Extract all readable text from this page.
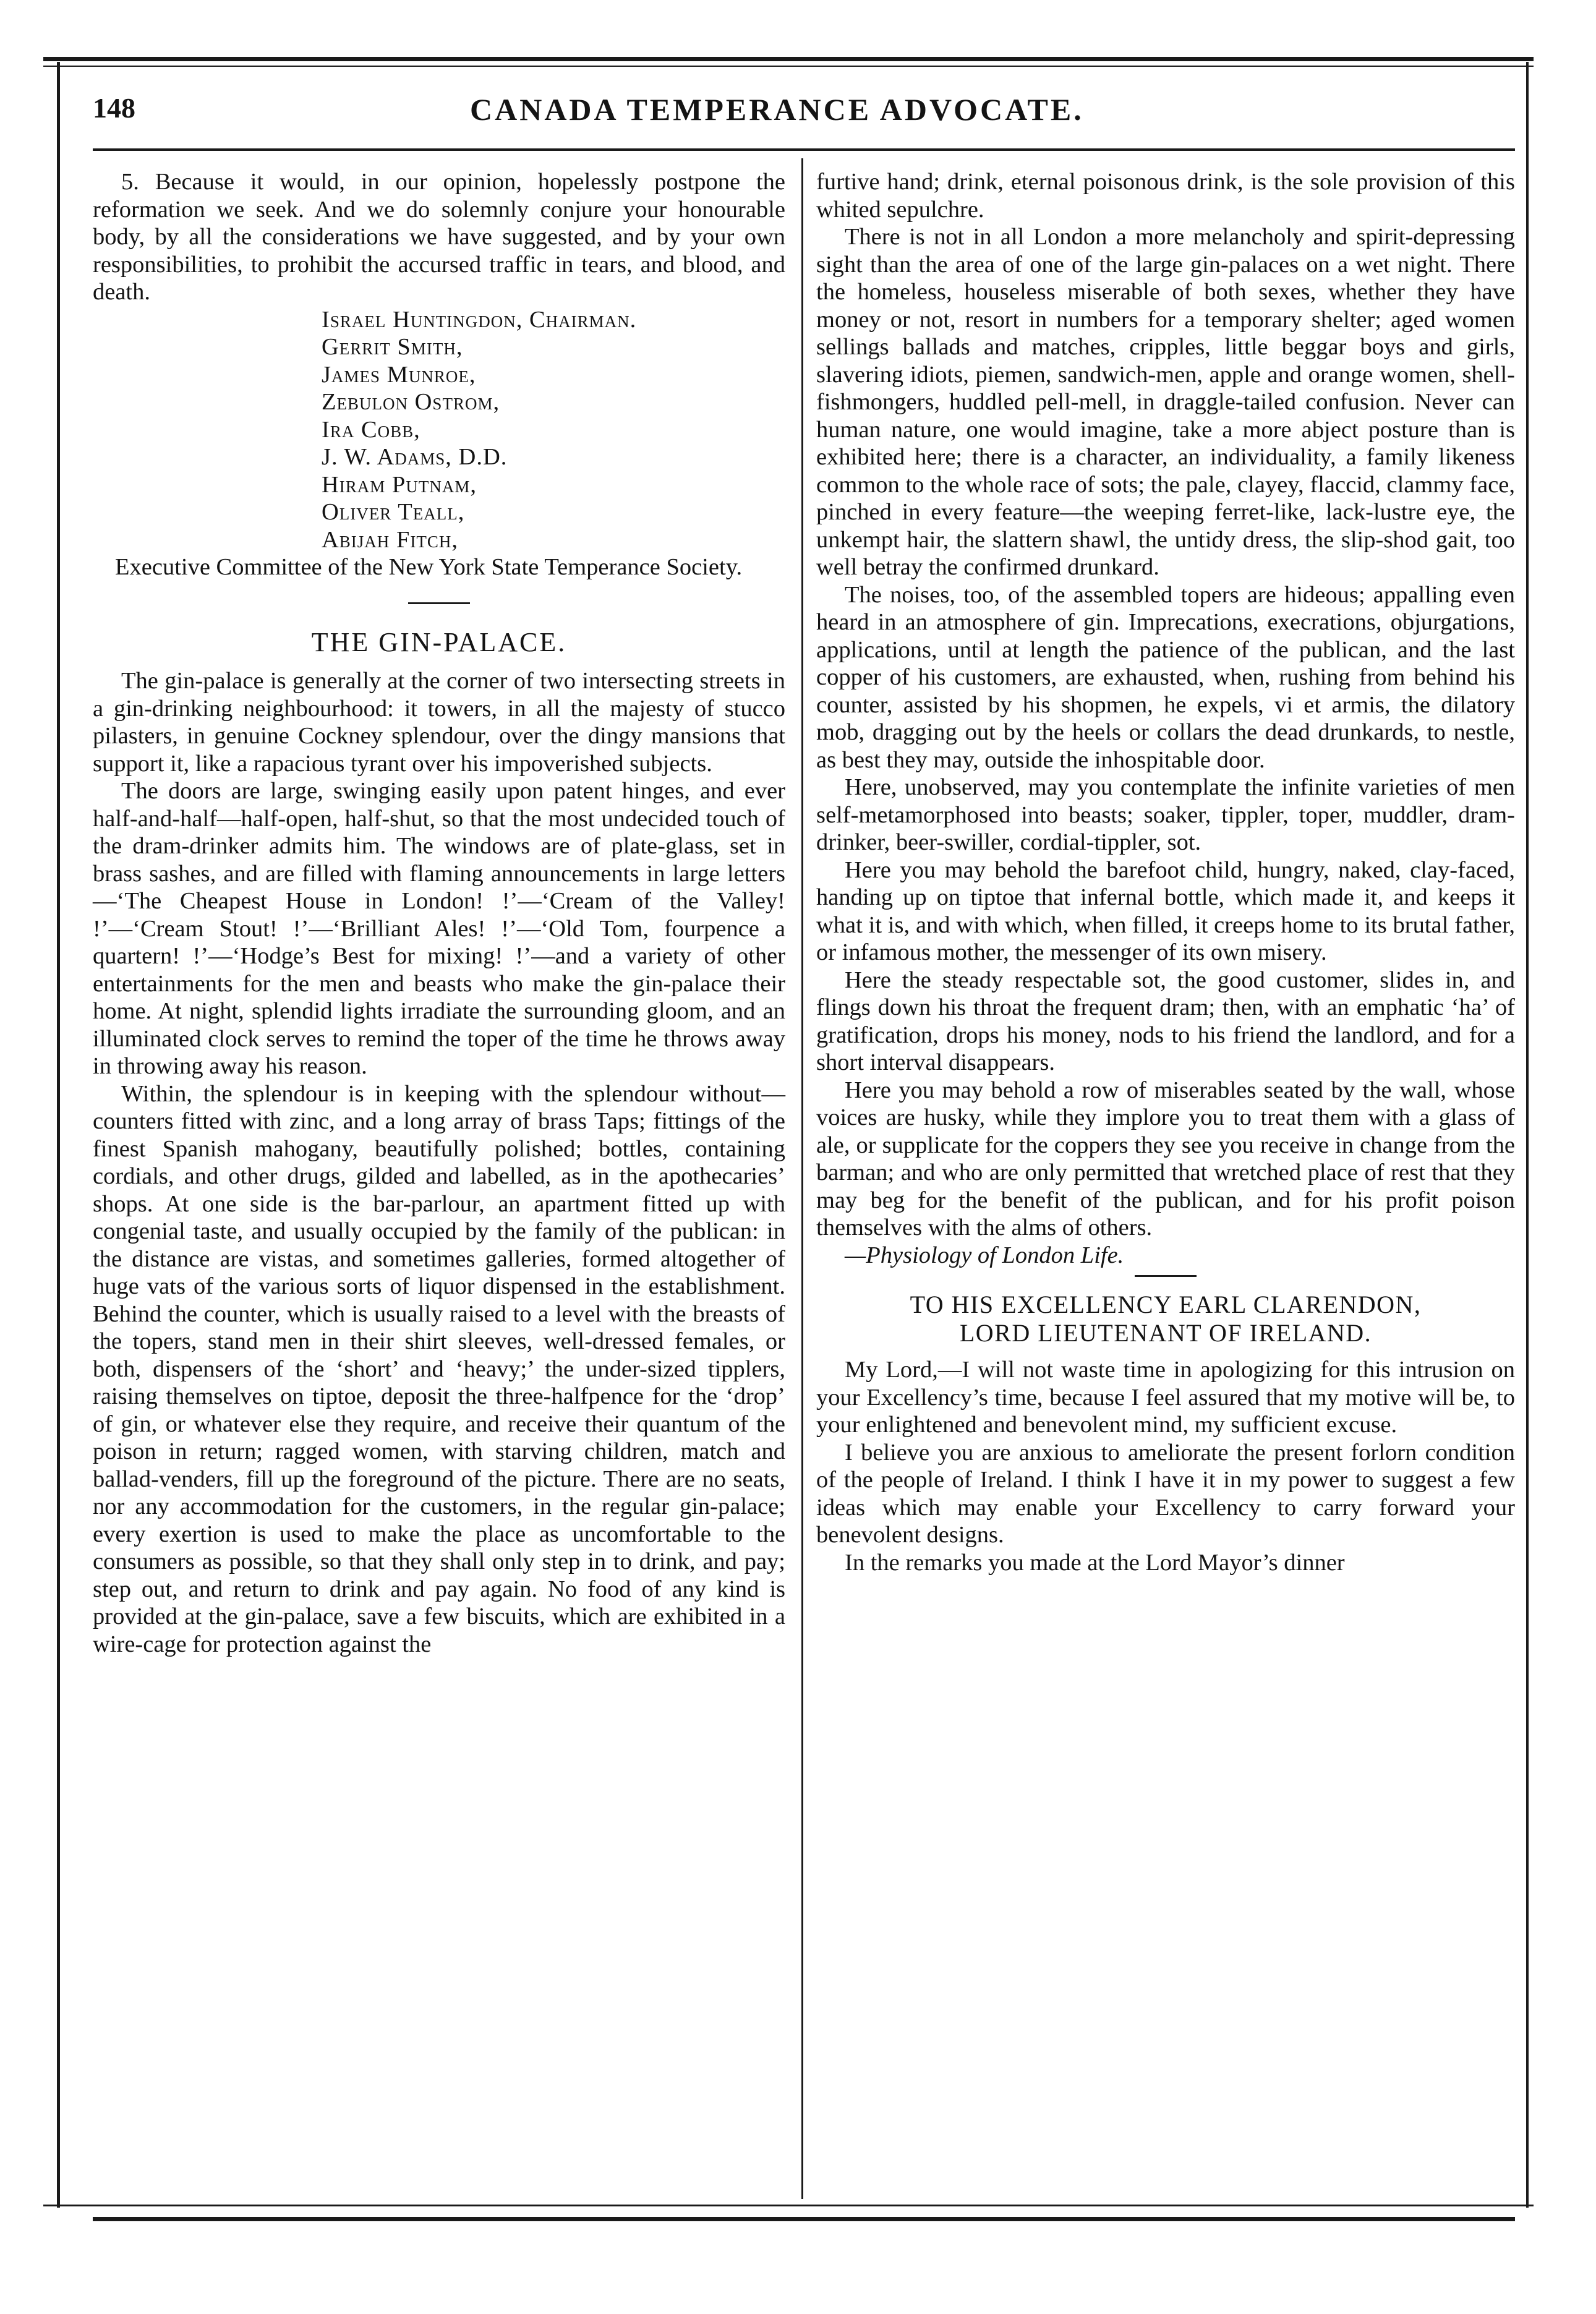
148	CANADA TEMPERANCE ADVOCATE.

5. Because it would, in our opinion, hopelessly postpone the reformation we seek. And we do solemnly conjure your honourable body, by all the considerations we have suggested, and by your own responsibilities, to prohibit the accursed traffic in tears, and blood, and death.

Israel Huntingdon, Chairman.
Gerrit Smith,
James Munroe,
Zebulon Ostrom,
Ira Cobb,
J. W. Adams, D.D.
Hiram Putnam,
Oliver Teall,
Abijah Fitch,

Executive Committee of the New York State Temperance Society.

THE GIN-PALACE.

The gin-palace is generally at the corner of two intersecting streets in a gin-drinking neighbourhood: it towers, in all the majesty of stucco pilasters, in genuine Cockney splendour, over the dingy mansions that support it, like a rapacious tyrant over his impoverished subjects.

The doors are large, swinging easily upon patent hinges, and ever half-and-half—half-open, half-shut, so that the most undecided touch of the dram-drinker admits him. The windows are of plate-glass, set in brass sashes, and are filled with flaming announcements in large letters—‘The Cheapest House in London! !’—‘Cream of the Valley! !’—‘Cream Stout! !’—‘Brilliant Ales! !’—‘Old Tom, fourpence a quartern! !’—‘Hodge’s Best for mixing! !’—and a variety of other entertainments for the men and beasts who make the gin-palace their home. At night, splendid lights irradiate the surrounding gloom, and an illuminated clock serves to remind the toper of the time he throws away in throwing away his reason.

Within, the splendour is in keeping with the splendour without—counters fitted with zinc, and a long array of brass Taps; fittings of the finest Spanish mahogany, beautifully polished; bottles, containing cordials, and other drugs, gilded and labelled, as in the apothecaries’ shops. At one side is the bar-parlour, an apartment fitted up with congenial taste, and usually occupied by the family of the publican: in the distance are vistas, and sometimes galleries, formed altogether of huge vats of the various sorts of liquor dispensed in the establishment. Behind the counter, which is usually raised to a level with the breasts of the topers, stand men in their shirt sleeves, well-dressed females, or both, dispensers of the ‘short’ and ‘heavy;’ the under-sized tipplers, raising themselves on tiptoe, deposit the three-halfpence for the ‘drop’ of gin, or whatever else they require, and receive their quantum of the poison in return; ragged women, with starving children, match and ballad-venders, fill up the foreground of the picture. There are no seats, nor any accommodation for the customers, in the regular gin-palace; every exertion is used to make the place as uncomfortable to the consumers as possible, so that they shall only step in to drink, and pay; step out, and return to drink and pay again. No food of any kind is provided at the gin-palace, save a few biscuits, which are exhibited in a wire-cage for protection against the

furtive hand; drink, eternal poisonous drink, is the sole provision of this whited sepulchre.

There is not in all London a more melancholy and spirit-depressing sight than the area of one of the large gin-palaces on a wet night. There the homeless, houseless miserable of both sexes, whether they have money or not, resort in numbers for a temporary shelter; aged women sellings ballads and matches, cripples, little beggar boys and girls, slavering idiots, piemen, sandwich-men, apple and orange women, shell-fishmongers, huddled pell-mell, in draggle-tailed confusion. Never can human nature, one would imagine, take a more abject posture than is exhibited here; there is a character, an individuality, a family likeness common to the whole race of sots; the pale, clayey, flaccid, clammy face, pinched in every feature—the weeping ferret-like, lack-lustre eye, the unkempt hair, the slattern shawl, the untidy dress, the slip-shod gait, too well betray the confirmed drunkard.

The noises, too, of the assembled topers are hideous; appalling even heard in an atmosphere of gin. Imprecations, execrations, objurgations, applications, until at length the patience of the publican, and the last copper of his customers, are exhausted, when, rushing from behind his counter, assisted by his shopmen, he expels, vi et armis, the dilatory mob, dragging out by the heels or collars the dead drunkards, to nestle, as best they may, outside the inhospitable door.

Here, unobserved, may you contemplate the infinite varieties of men self-metamorphosed into beasts; soaker, tippler, toper, muddler, dram-drinker, beer-swiller, cordial-tippler, sot.

Here you may behold the barefoot child, hungry, naked, clay-faced, handing up on tiptoe that infernal bottle, which made it, and keeps it what it is, and with which, when filled, it creeps home to its brutal father, or infamous mother, the messenger of its own misery.

Here the steady respectable sot, the good customer, slides in, and flings down his throat the frequent dram; then, with an emphatic ‘ha’ of gratification, drops his money, nods to his friend the landlord, and for a short interval disappears.

Here you may behold a row of miserables seated by the wall, whose voices are husky, while they implore you to treat them with a glass of ale, or supplicate for the coppers they see you receive in change from the barman; and who are only permitted that wretched place of rest that they may beg for the benefit of the publican, and for his profit poison themselves with the alms of others.

—Physiology of London Life.

TO HIS EXCELLENCY EARL CLARENDON,
LORD LIEUTENANT OF IRELAND.

My Lord,—I will not waste time in apologizing for this intrusion on your Excellency’s time, because I feel assured that my motive will be, to your enlightened and benevolent mind, my sufficient excuse.

I believe you are anxious to ameliorate the present forlorn condition of the people of Ireland. I think I have it in my power to suggest a few ideas which may enable your Excellency to carry forward your benevolent designs.

In the remarks you made at the Lord Mayor’s dinner
